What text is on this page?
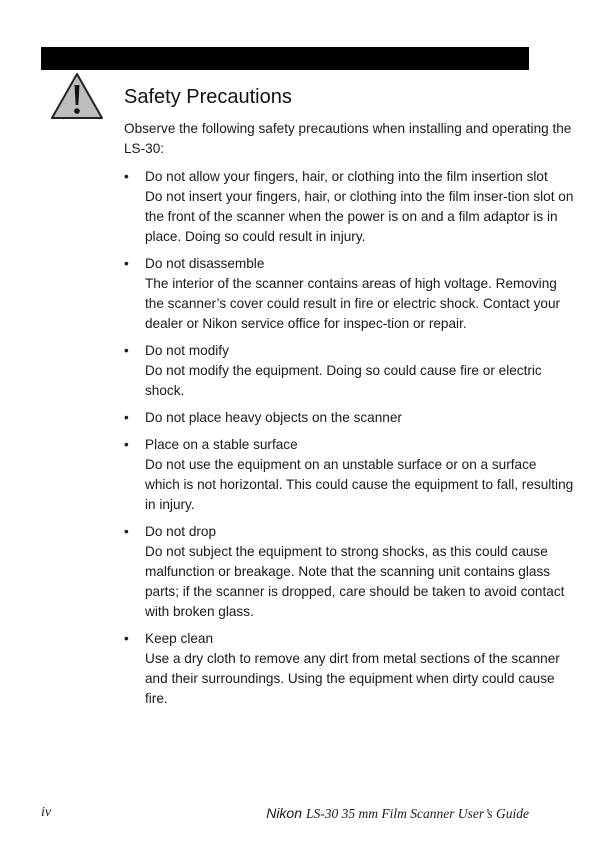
Safety Precautions

Observe the following safety precautions when installing and operating the LS-30:

• Do not allow your fingers, hair, or clothing into the film insertion slot
Do not insert your fingers, hair, or clothing into the film inser-tion slot on the front of the scanner when the power is on and a film adaptor is in place. Doing so could result in injury.
• Do not disassemble
The interior of the scanner contains areas of high voltage. Removing the scanner’s cover could result in fire or electric shock. Contact your dealer or Nikon service office for inspec-tion or repair.
• Do not modify
Do not modify the equipment. Doing so could cause fire or electric shock.
• Do not place heavy objects on the scanner
• Place on a stable surface
Do not use the equipment on an unstable surface or on a surface which is not horizontal. This could cause the equipment to fall, resulting in injury.
• Do not drop
Do not subject the equipment to strong shocks, as this could cause malfunction or breakage. Note that the scanning unit contains glass parts; if the scanner is dropped, care should be taken to avoid contact with broken glass.
• Keep clean
Use a dry cloth to remove any dirt from metal sections of the scanner and their surroundings. Using the equipment when dirty could cause fire.
iv	Nikon LS-30 35 mm Film Scanner User’s Guide
